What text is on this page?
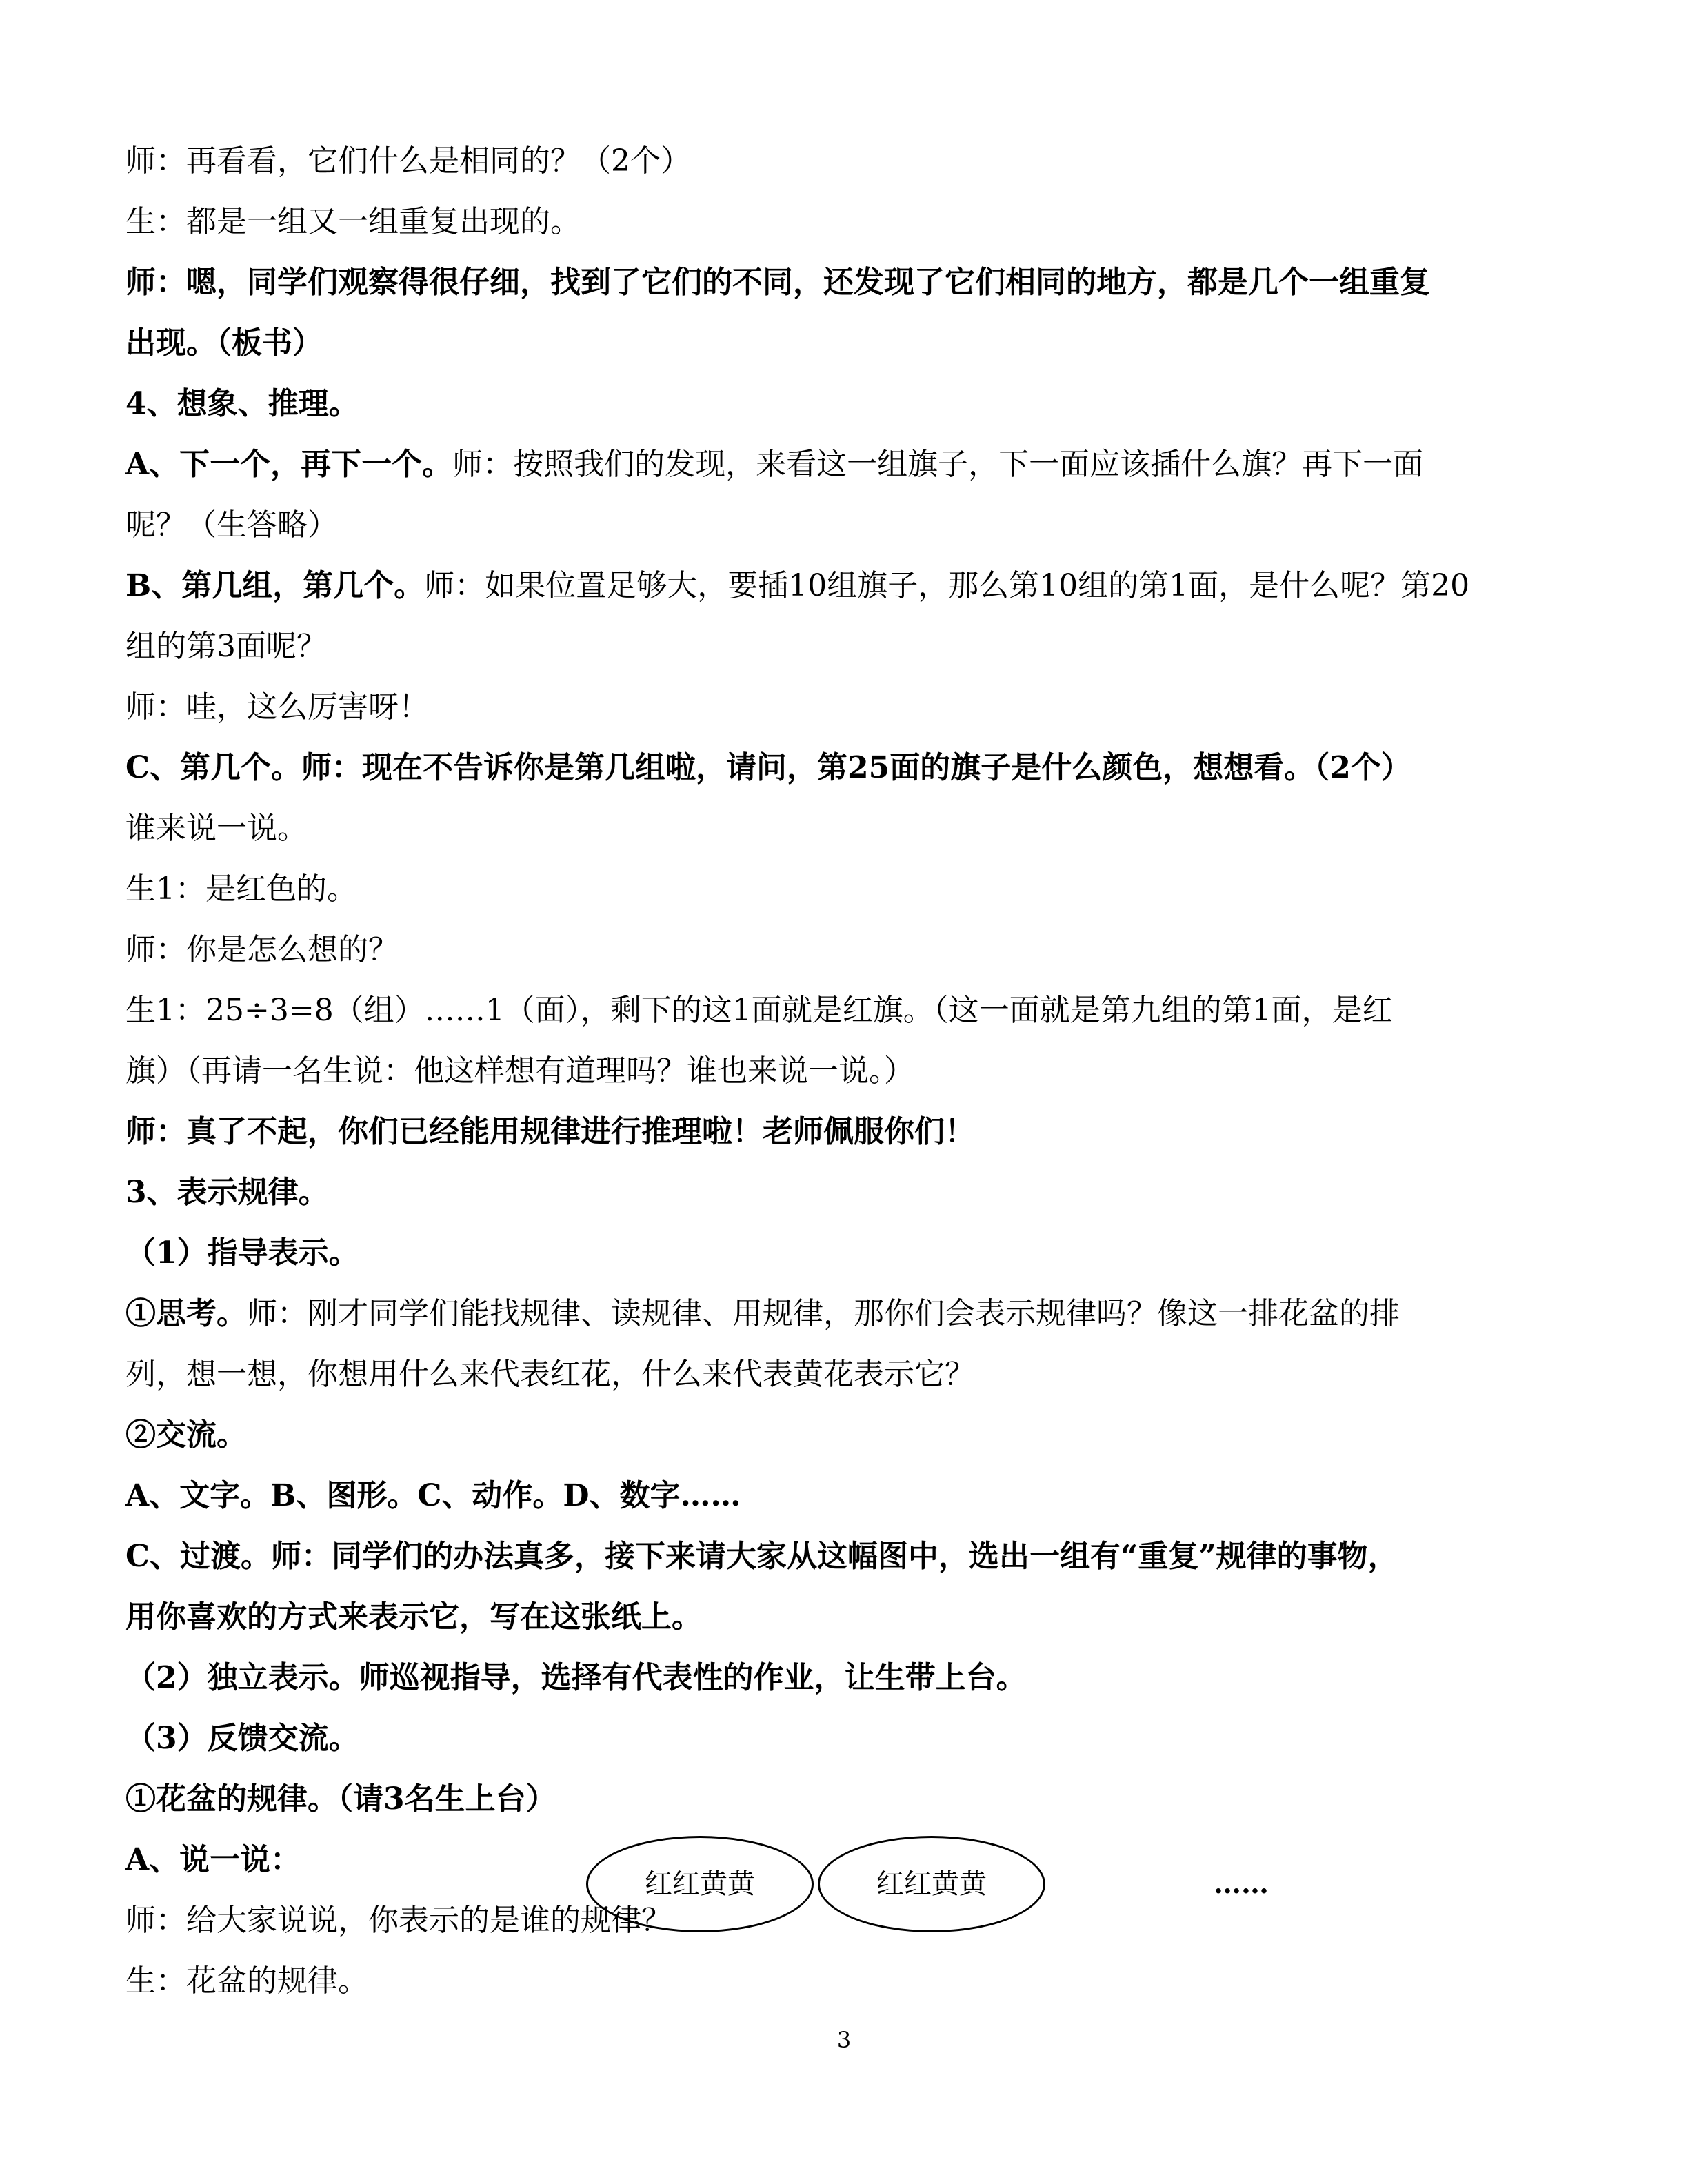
师：再看看，它们什么是相同的？（2个）

生：都是一组又一组重复出现的。

师：嗯，同学们观察得很仔细，找到了它们的不同，还发现了它们相同的地方，都是几个一组重复

出现。（板书）

4、想象、推理。

A、下一个，再下一个。师：按照我们的发现，来看这一组旗子，下一面应该插什么旗？再下一面

呢？（生答略）

B、第几组，第几个。师：如果位置足够大，要插10组旗子，那么第10组的第1面，是什么呢？第20

组的第3面呢？

师：哇，这么厉害呀！

C、第几个。师：现在不告诉你是第几组啦，请问，第25面的旗子是什么颜色，想想看。（2个）

谁来说一说。

生1：是红色的。

师：你是怎么想的？

生1：25÷3=8（组）……1（面），剩下的这1面就是红旗。（这一面就是第九组的第1面，是红

旗）（再请一名生说：他这样想有道理吗？谁也来说一说。）

师：真了不起，你们已经能用规律进行推理啦！老师佩服你们！

3、表示规律。

（1）指导表示。

①思考。师：刚才同学们能找规律、读规律、用规律，那你们会表示规律吗？像这一排花盆的排

列，想一想，你想用什么来代表红花，什么来代表黄花表示它？

②交流。

A、文字。B、图形。C、动作。D、数字……

C、过渡。师：同学们的办法真多，接下来请大家从这幅图中，选出一组有“重复”规律的事物，

用你喜欢的方式来表示它，写在这张纸上。

（2）独立表示。师巡视指导，选择有代表性的作业，让生带上台。

（3）反馈交流。

①花盆的规律。（请3名生上台）

A、说一说：

师：给大家说说，你表示的是谁的规律？

生：花盆的规律。

红红黄黄	红红黄黄	……
3
